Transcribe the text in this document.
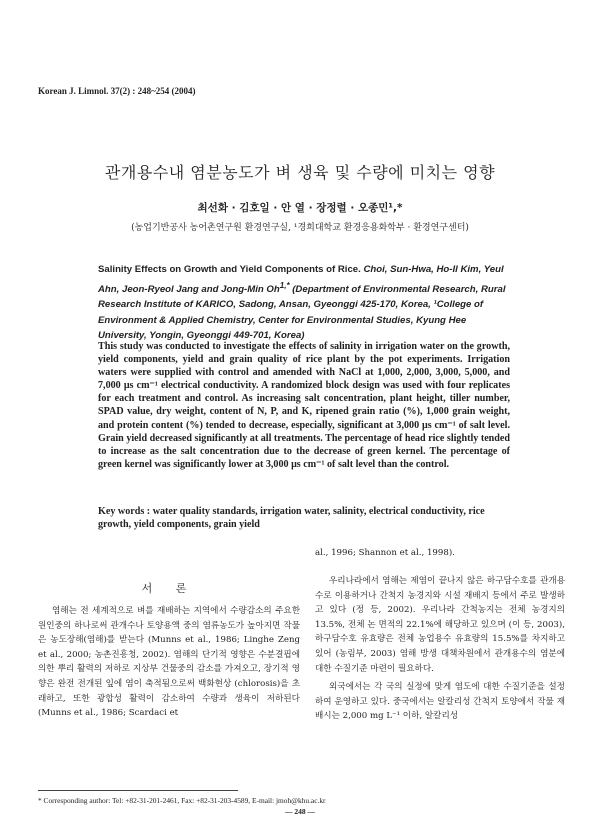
Korean J. Limnol. 37(2) : 248~254 (2004)
관개용수내 염분농도가 벼 생육 및 수량에 미치는 영향
최선화 · 김호일 · 안 열 · 장정렬 · 오종민¹,*
(농업기반공사 농어촌연구원 환경연구실, ¹경희대학교 환경응용화학부 · 환경연구센터)
Salinity Effects on Growth and Yield Components of Rice. Choi, Sun-Hwa, Ho-Il Kim, Yeul Ahn, Jeon-Ryeol Jang and Jong-Min $Oh^{1,*}$ (Department of Environmental Research, Rural Research Institute of KARICO, Sadong, Ansan, Gyeonggi 425-170, Korea, ¹College of Environment & Applied Chemistry, Center for Environmental Studies, Kyung Hee University, Yongin, Gyeonggi 449-701, Korea)

This study was conducted to investigate the effects of salinity in irrigation water on the growth, yield components, yield and grain quality of rice plant by the pot experiments. Irrigation waters were supplied with control and amended with NaCl at 1,000, 2,000, 3,000, 5,000, and 7,000 μs cm⁻¹ electrical conductivity. A randomized block design was used with four replicates for each treatment and control. As increasing salt concentration, plant height, tiller number, SPAD value, dry weight, content of N, P, and K, ripened grain ratio (%), 1,000 grain weight, and protein content (%) tended to decrease, especially, significant at 3,000 μs cm⁻¹ of salt level. Grain yield decreased significantly at all treatments. The percentage of head rice slightly tended to increase as the salt concentration due to the decrease of green kernel. The percentage of green kernel was significantly lower at 3,000 μs cm⁻¹ of salt level than the control.

Key words : water quality standards, irrigation water, salinity, electrical conductivity, rice growth, yield components, grain yield

al., 1996; Shannon et al., 1998).

서 론

염해는 전 세계적으로 벼를 재배하는 지역에서 수량감소의 주요한 원인중의 하나로써 관개수나 토양용액 중의 염류농도가 높아지면 작물은 농도장해(염해)를 받는다 (Munns et al., 1986; Linghe Zeng et al., 2000; 농촌진흥청, 2002). 염해의 단기적 영향은 수분결핍에 의한 뿌리 활력의 저하로 지상부 건물중의 감소를 가져오고, 장기적 영향은 완전 전개된 잎에 염이 축적됨으로써 백화현상 (chlorosis)을 초래하고, 또한 광합성 활력이 감소하여 수량과 생육이 저하된다 (Munns et al., 1986; Scardaci et

우리나라에서 염해는 제염이 끝나지 않은 하구담수호를 관개용수로 이용하거나 간척지 농경지와 시설 재배지 등에서 주로 발생하고 있다 (정 등, 2002). 우리나라 간척농지는 전체 농경지의 13.5%, 전체 논 면적의 22.1%에 해당하고 있으며 (이 등, 2003), 하구담수호 유효량은 전체 농업용수 유효량의 15.5%를 차지하고 있어 (농림부, 2003) 염해 방생 대책차원에서 관개용수의 염분에 대한 수질기준 마련이 필요하다.

외국에서는 각 국의 실정에 맞게 염도에 대한 수질기준을 설정하여 운영하고 있다. 중국에서는 알칼리성 간척지 토양에서 작물 재배시는 2,000 mg L⁻¹ 이하, 알칼리성

* Corresponding author: Tel: +82-31-201-2461, Fax: +82-31-203-4589, E-mail: jmoh@khu.ac.kr
— 248 —
